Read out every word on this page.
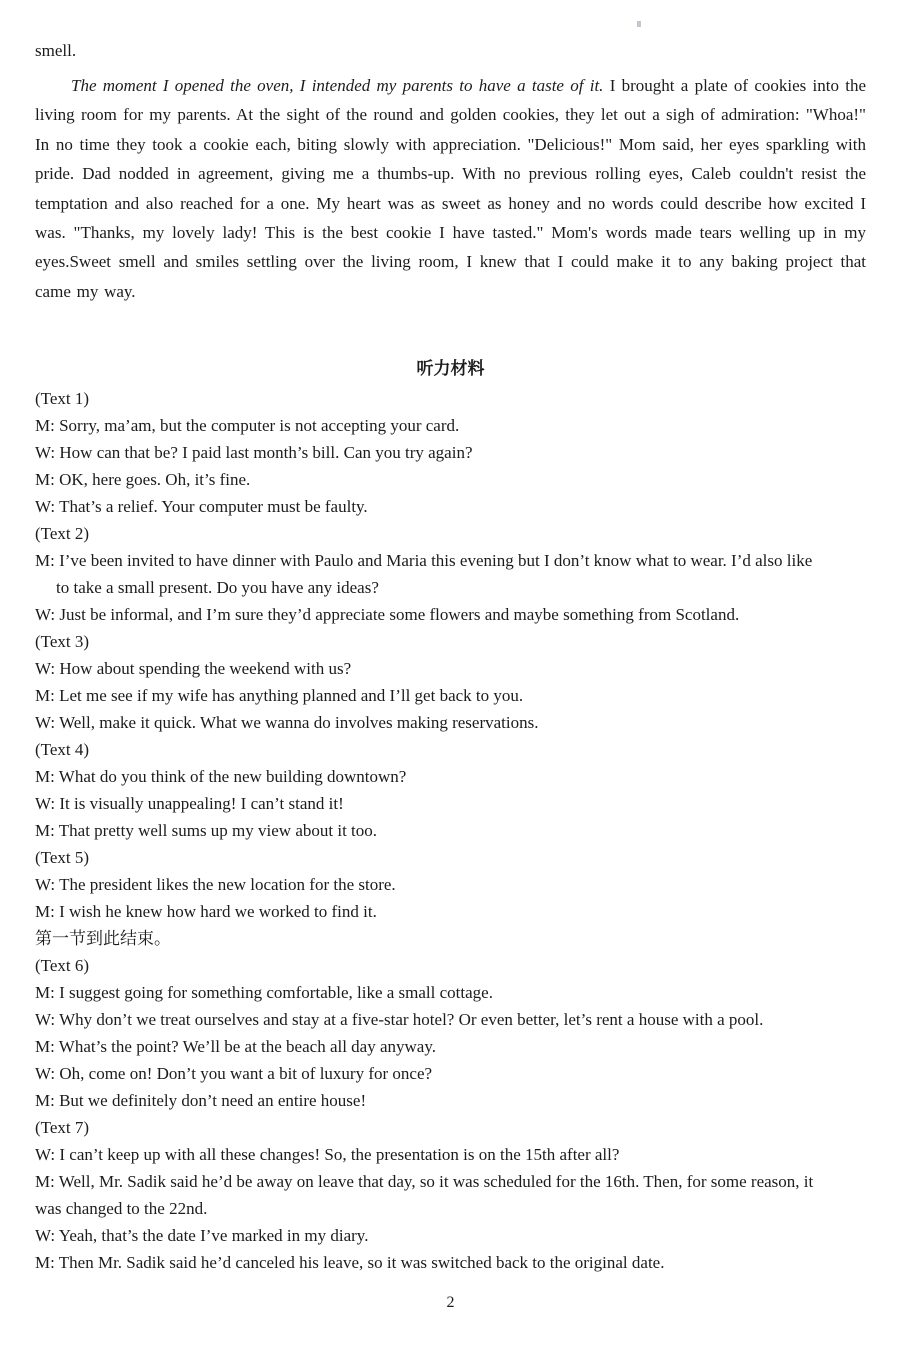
smell.

The moment I opened the oven, I intended my parents to have a taste of it. I brought a plate of cookies into the living room for my parents. At the sight of the round and golden cookies, they let out a sigh of admiration: "Whoa!" In no time they took a cookie each, biting slowly with appreciation. "Delicious!" Mom said, her eyes sparkling with pride. Dad nodded in agreement, giving me a thumbs-up. With no previous rolling eyes, Caleb couldn't resist the temptation and also reached for a one. My heart was as sweet as honey and no words could describe how excited I was. "Thanks, my lovely lady! This is the best cookie I have tasted." Mom's words made tears welling up in my eyes.Sweet smell and smiles settling over the living room, I knew that I could make it to any baking project that came my way.

听力材料
(Text 1)
M: Sorry, ma’am, but the computer is not accepting your card.
W: How can that be? I paid last month’s bill. Can you try again?
M: OK, here goes. Oh, it’s fine.
W: That’s a relief. Your computer must be faulty.
(Text 2)
M: I’ve been invited to have dinner with Paulo and Maria this evening but I don’t know what to wear. I’d also like
to take a small present. Do you have any ideas?
W: Just be informal, and I’m sure they’d appreciate some flowers and maybe something from Scotland.
(Text 3)
W: How about spending the weekend with us?
M: Let me see if my wife has anything planned and I’ll get back to you.
W: Well, make it quick. What we wanna do involves making reservations.
(Text 4)
M: What do you think of the new building downtown?
W: It is visually unappealing! I can’t stand it!
M: That pretty well sums up my view about it too.
(Text 5)
W: The president likes the new location for the store.
M: I wish he knew how hard we worked to find it.
第一节到此结束。
(Text 6)
M: I suggest going for something comfortable, like a small cottage.
W: Why don’t we treat ourselves and stay at a five-star hotel? Or even better, let’s rent a house with a pool.
M: What’s the point? We’ll be at the beach all day anyway.
W: Oh, come on! Don’t you want a bit of luxury for once?
M: But we definitely don’t need an entire house!
(Text 7)
W: I can’t keep up with all these changes! So, the presentation is on the 15th after all?
M: Well, Mr. Sadik said he’d be away on leave that day, so it was scheduled for the 16th. Then, for some reason, it
was changed to the 22nd.
W: Yeah, that’s the date I’ve marked in my diary.
M: Then Mr. Sadik said he’d canceled his leave, so it was switched back to the original date.
2
